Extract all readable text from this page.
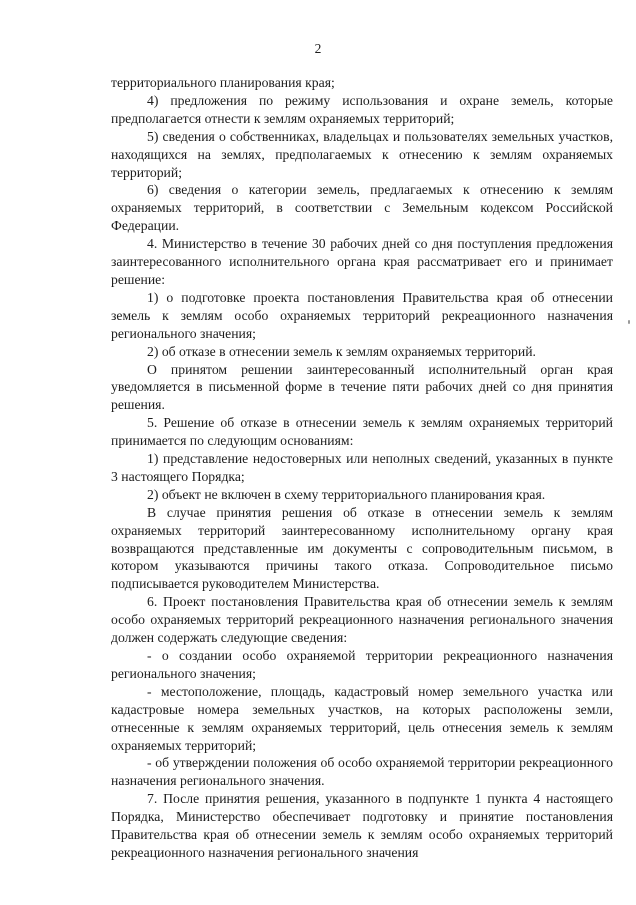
2

территориального планирования края;

4) предложения по режиму использования и охране земель, которые предполагается отнести к землям охраняемых территорий;

5) сведения о собственниках, владельцах и пользователях земельных участков, находящихся на землях, предполагаемых к отнесению к землям охраняемых территорий;

6) сведения о категории земель, предлагаемых к отнесению к землям охраняемых территорий, в соответствии с Земельным кодексом Российской Федерации.

4. Министерство в течение 30 рабочих дней со дня поступления предложения заинтересованного исполнительного органа края рассматривает его и принимает решение:

1) о подготовке проекта постановления Правительства края об отнесении земель к землям особо охраняемых территорий рекреационного назначения регионального значения;

2) об отказе в отнесении земель к землям охраняемых территорий.

О принятом решении заинтересованный исполнительный орган края уведомляется в письменной форме в течение пяти рабочих дней со дня принятия решения.

5. Решение об отказе в отнесении земель к землям охраняемых территорий принимается по следующим основаниям:

1) представление недостоверных или неполных сведений, указанных в пункте 3 настоящего Порядка;

2) объект не включен в схему территориального планирования края.

В случае принятия решения об отказе в отнесении земель к землям охраняемых территорий заинтересованному исполнительному органу края возвращаются представленные им документы с сопроводительным письмом, в котором указываются причины такого отказа. Сопроводительное письмо подписывается руководителем Министерства.

6. Проект постановления Правительства края об отнесении земель к землям особо охраняемых территорий рекреационного назначения регионального значения должен содержать следующие сведения:

- о создании особо охраняемой территории рекреационного назначения регионального значения;

- местоположение, площадь, кадастровый номер земельного участка или кадастровые номера земельных участков, на которых расположены земли, отнесенные к землям охраняемых территорий, цель отнесения земель к землям охраняемых территорий;

- об утверждении положения об особо охраняемой территории рекреационного назначения регионального значения.

7. После принятия решения, указанного в подпункте 1 пункта 4 настоящего Порядка, Министерство обеспечивает подготовку и принятие постановления Правительства края об отнесении земель к землям особо охраняемых территорий рекреационного назначения регионального значения
